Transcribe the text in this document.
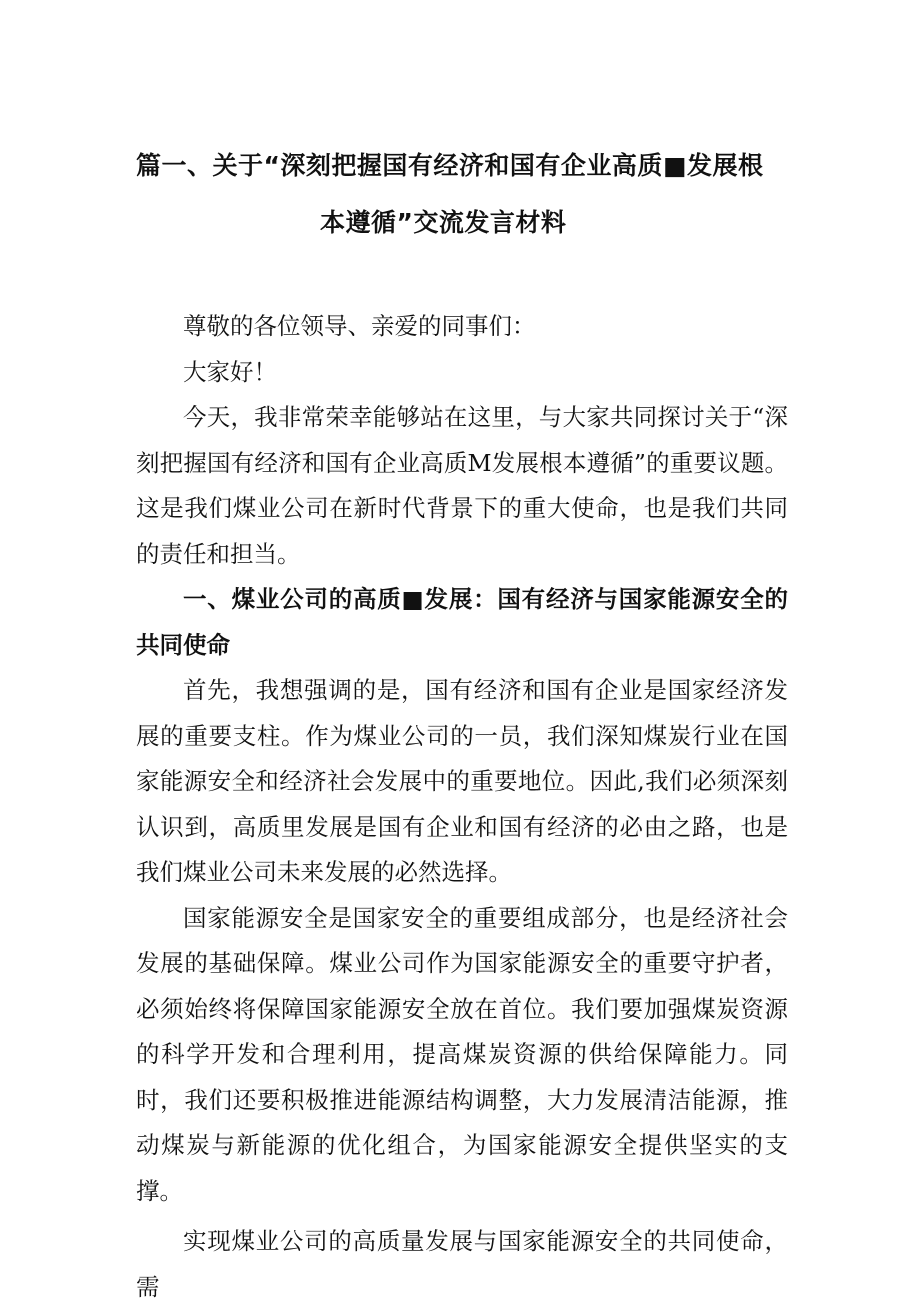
篇一、关于“深刻把握国有经济和国有企业高质■发展根
本遵循”交流发言材料

尊敬的各位领导、亲爱的同事们：

大家好！

今天，我非常荣幸能够站在这里，与大家共同探讨关于“深刻把握国有经济和国有企业高质M发展根本遵循”的重要议题。这是我们煤业公司在新时代背景下的重大使命，也是我们共同的责任和担当。

一、煤业公司的高质■发展：国有经济与国家能源安全的共同使命

首先，我想强调的是，国有经济和国有企业是国家经济发展的重要支柱。作为煤业公司的一员，我们深知煤炭行业在国家能源安全和经济社会发展中的重要地位。因此,我们必须深刻认识到，高质里发展是国有企业和国有经济的必由之路，也是我们煤业公司未来发展的必然选择。

国家能源安全是国家安全的重要组成部分，也是经济社会发展的基础保障。煤业公司作为国家能源安全的重要守护者，必须始终将保障国家能源安全放在首位。我们要加强煤炭资源的科学开发和合理利用，提高煤炭资源的供给保障能力。同时，我们还要积极推进能源结构调整，大力发展清洁能源，推动煤炭与新能源的优化组合，为国家能源安全提供坚实的支撑。

实现煤业公司的高质量发展与国家能源安全的共同使命，需
